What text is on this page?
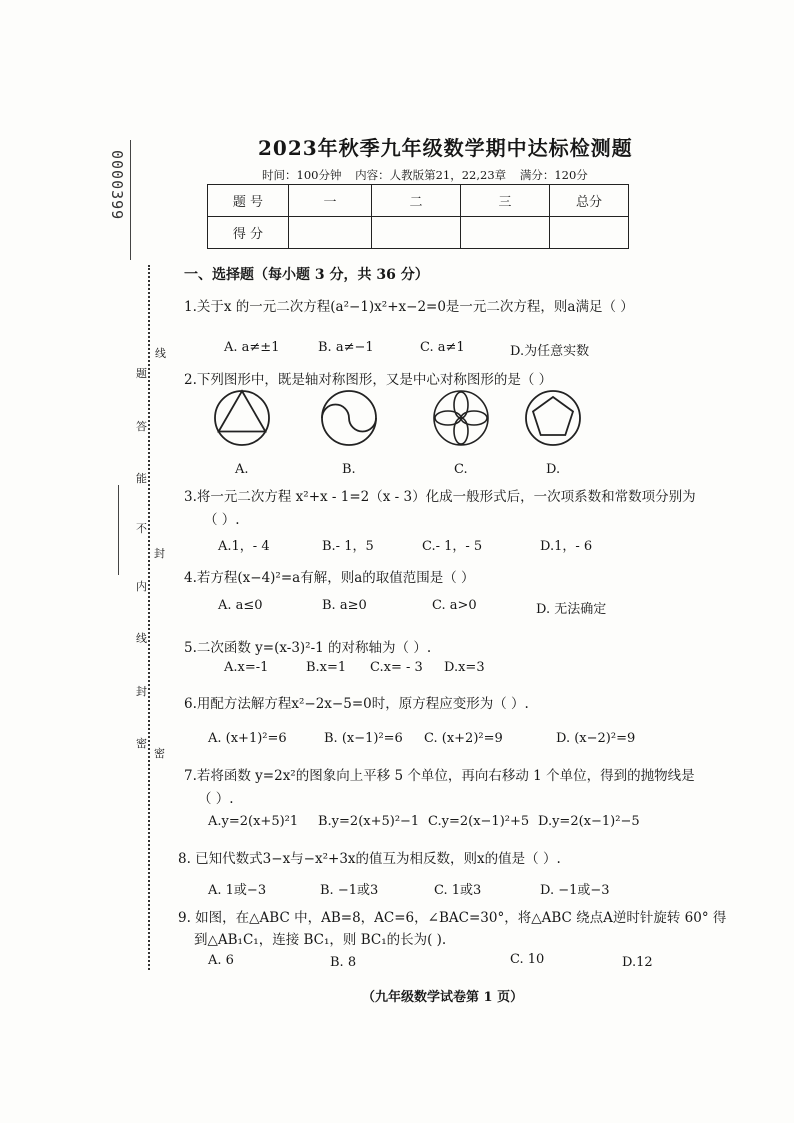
0000399
线
题
答
能
不
封
内
线
封
密
密
2023年秋季九年级数学期中达标检测题
时间：100分钟 内容：人教版第21，22,23章 满分：120分
题 号	一	二	三	总分
得 分				
一、选择题（每小题 3 分，共 36 分）
1.关于x 的一元二次方程(a²−1)x²+x−2=0是一元二次方程，则a满足（ ）
A. a≠±1	B. a≠−1	C. a≠1	D.为任意实数
2.下列图形中，既是轴对称图形，又是中心对称图形的是（ ）
A.	B.	C.	D.
3.将一元二次方程 x²+x - 1=2（x - 3）化成一般形式后，一次项系数和常数项分别为
（ ）.
A.1，- 4	B.- 1，5	C.- 1，- 5	D.1，- 6
4.若方程(x−4)²=a有解，则a的取值范围是（ ）
A. a≤0	B. a≥0	C. a>0	D. 无法确定
5.二次函数 y=(x-3)²-1 的对称轴为（ ）.
A.x=-1	B.x=1 C.x= - 3 D.x=3
6.用配方法解方程x²−2x−5=0时，原方程应变形为（ ）.
A. (x+1)²=6	B. (x−1)²=6 C. (x+2)²=9	D. (x−2)²=9
7.若将函数 y=2x²的图象向上平移 5 个单位，再向右移动 1 个单位，得到的抛物线是
（ ）.
A.y=2(x+5)²1 B.y=2(x+5)²−1 C.y=2(x−1)²+5 D.y=2(x−1)²−5
8. 已知代数式3−x与−x²+3x的值互为相反数，则x的值是（ ）.
A. 1或−3	B. −1或3	C. 1或3	D. −1或−3
9. 如图，在△ABC 中，AB=8，AC=6，∠BAC=30°，将△ABC 绕点A逆时针旋转 60° 得
到△AB₁C₁，连接 BC₁，则 BC₁的长为( ).
A. 6	B. 8	C. 10	D.12
（九年级数学试卷第 1 页）
